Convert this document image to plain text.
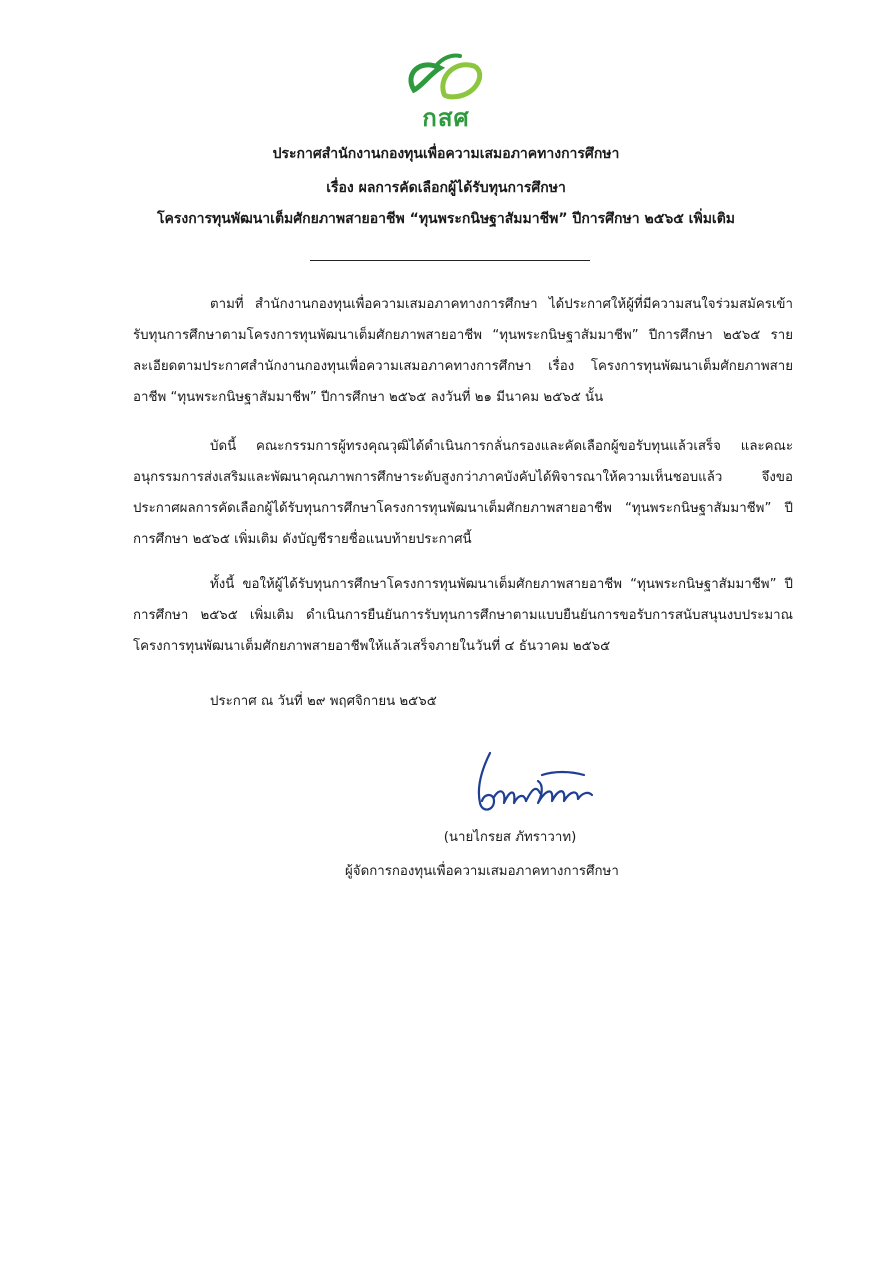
กสศ
ประกาศสำนักงานกองทุนเพื่อความเสมอภาคทางการศึกษา
เรื่อง ผลการคัดเลือกผู้ได้รับทุนการศึกษา
โครงการทุนพัฒนาเต็มศักยภาพสายอาชีพ “ทุนพระกนิษฐาสัมมาชีพ” ปีการศึกษา ๒๕๖๕ เพิ่มเติม
ตามที่ สำนักงานกองทุนเพื่อความเสมอภาคทางการศึกษา ได้ประกาศให้ผู้ที่มีความสนใจร่วมสมัครเข้ารับทุนการศึกษาตามโครงการทุนพัฒนาเต็มศักยภาพสายอาชีพ “ทุนพระกนิษฐาสัมมาชีพ” ปีการศึกษา ๒๕๖๕ รายละเอียดตามประกาศสำนักงานกองทุนเพื่อความเสมอภาคทางการศึกษา เรื่อง โครงการทุนพัฒนาเต็มศักยภาพสายอาชีพ “ทุนพระกนิษฐาสัมมาชีพ” ปีการศึกษา ๒๕๖๕ ลงวันที่ ๒๑ มีนาคม ๒๕๖๕ นั้น
บัดนี้ คณะกรรมการผู้ทรงคุณวุฒิได้ดำเนินการกลั่นกรองและคัดเลือกผู้ขอรับทุนแล้วเสร็จ และคณะอนุกรรมการส่งเสริมและพัฒนาคุณภาพการศึกษาระดับสูงกว่าภาคบังคับได้พิจารณาให้ความเห็นชอบแล้ว จึงขอประกาศผลการคัดเลือกผู้ได้รับทุนการศึกษาโครงการทุนพัฒนาเต็มศักยภาพสายอาชีพ “ทุนพระกนิษฐาสัมมาชีพ” ปีการศึกษา ๒๕๖๕ เพิ่มเติม ดังบัญชีรายชื่อแนบท้ายประกาศนี้
ทั้งนี้ ขอให้ผู้ได้รับทุนการศึกษาโครงการทุนพัฒนาเต็มศักยภาพสายอาชีพ “ทุนพระกนิษฐาสัมมาชีพ” ปีการศึกษา ๒๕๖๕ เพิ่มเติม ดำเนินการยืนยันการรับทุนการศึกษาตามแบบยืนยันการขอรับการสนับสนุนงบประมาณโครงการทุนพัฒนาเต็มศักยภาพสายอาชีพให้แล้วเสร็จภายในวันที่ ๔ ธันวาคม ๒๕๖๕
ประกาศ ณ วันที่ ๒๙ พฤศจิกายน ๒๕๖๕
(นายไกรยส ภัทราวาท)
ผู้จัดการกองทุนเพื่อความเสมอภาคทางการศึกษา
